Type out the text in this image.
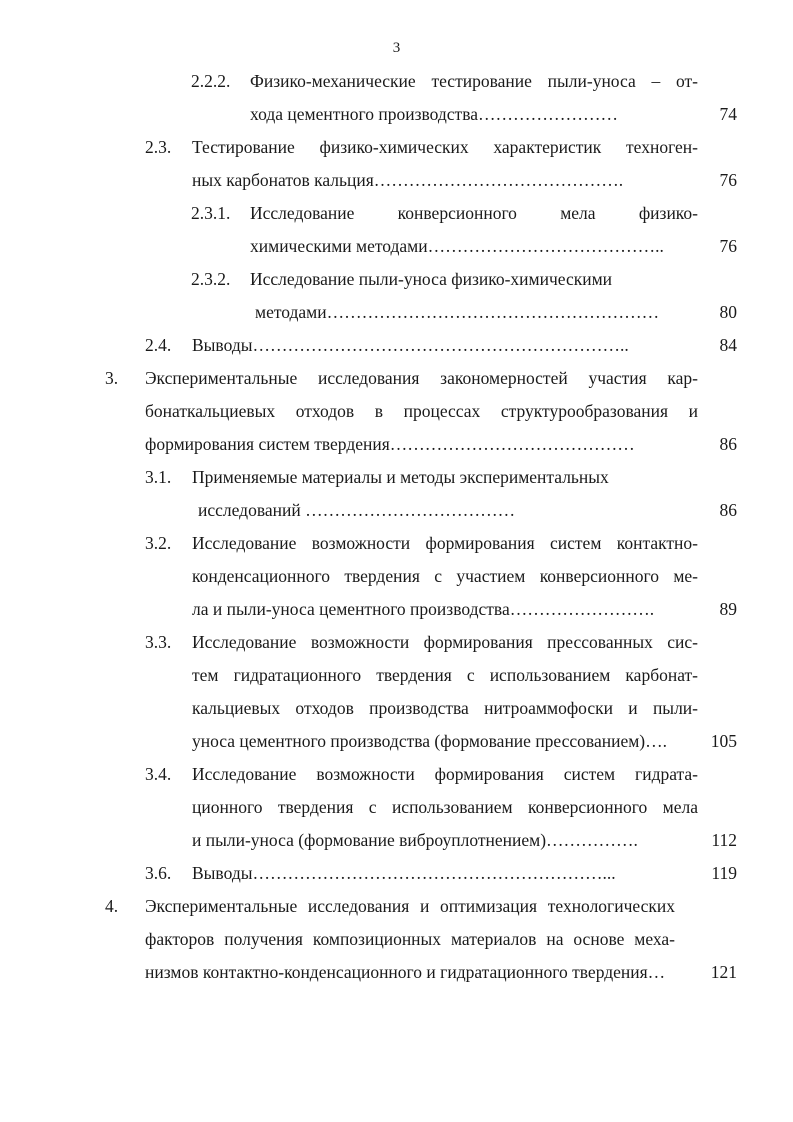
3
2.2.2. Физико-механические тестирование пыли-уноса – от-
хода цементного производства……………………	74
2.3. Тестирование физико-химических характеристик техноген-
ных карбонатов кальция…………………………………….	76
2.3.1. Исследование конверсионного мела физико-
химическими методами…………………………………..	76
2.3.2. Исследование пыли-уноса физико-химическими
методами…………………………………………………	80
2.4. Выводы………………………………………………………..	84
3. Экспериментальные исследования закономерностей участия кар-
бонаткальциевых отходов в процессах структурообразования и
формирования систем твердения……………………………………	86
3.1. Применяемые материалы и методы экспериментальных
исследований ………………………………	86
3.2. Исследование возможности формирования систем контактно-
конденсационного твердения с участием конверсионного ме-
ла и пыли-уноса цементного производства…………………….	89
3.3. Исследование возможности формирования прессованных сис-
тем гидратационного твердения с использованием карбонат-
кальциевых отходов производства нитроаммофоски и пыли-
уноса цементного производства (формование прессованием)….	105
3.4. Исследование возможности формирования систем гидрата-
ционного твердения с использованием конверсионного мела
и пыли-уноса (формование виброуплотнением)…………….	112
3.6. Выводы……………………………………………………...	119
4. Экспериментальные исследования и оптимизация технологических
факторов получения композиционных материалов на основе меха-
низмов контактно-конденсационного и гидратационного твердения…	121
